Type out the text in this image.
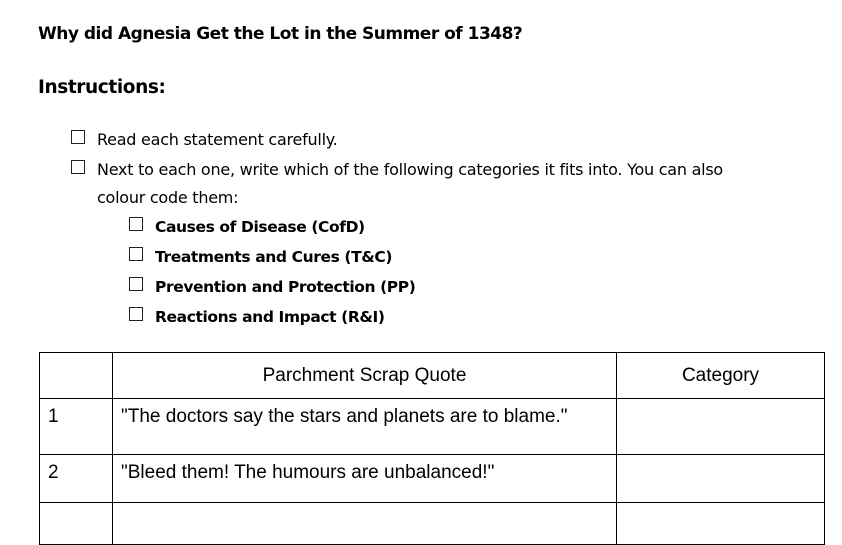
Why did Agnesia Get the Lot in the Summer of 1348?
Instructions:
Read each statement carefully.
Next to each one, write which of the following categories it fits into. You can also colour code them:
Causes of Disease (CofD)
Treatments and Cures (T&C)
Prevention and Protection (PP)
Reactions and Impact (R&I)
	Parchment Scrap Quote	Category
1	"The doctors say the stars and planets are to blame."	
2	"Bleed them! The humours are unbalanced!"	
